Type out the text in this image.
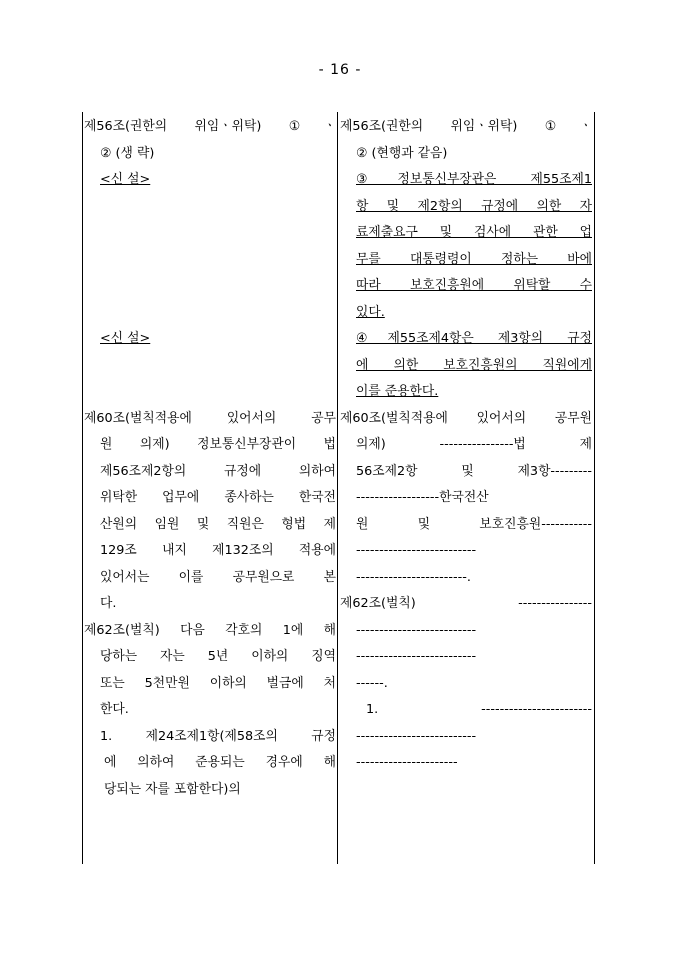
- 16 -
제56조(권한의 위임ㆍ위탁) ①ㆍ
② (생 략)
<신 설>
<신 설>
제60조(벌칙적용에 있어서의 공무
원 의제) 정보통신부장관이 법
제56조제2항의 규정에 의하여
위탁한 업무에 종사하는 한국전
산원의 임원 및 직원은 형법 제
129조 내지 제132조의 적용에
있어서는 이를 공무원으로 본
다.
제62조(벌칙) 다음 각호의 1에 해
당하는 자는 5년 이하의 징역
또는 5천만원 이하의 벌금에 처
한다.
1. 제24조제1항(제58조의 규정
에 의하여 준용되는 경우에 해
당되는 자를 포함한다)의
제56조(권한의 위임ㆍ위탁) ①ㆍ
② (현행과 같음)
③정보통신부장관은 제55조제1
항 및 제2항의 규정에 의한 자
료제출요구 및 검사에 관한 업
무를 대통령령이 정하는 바에
따라 보호진흥원에 위탁할 수
있다.
④제55조제4항은 제3항의 규정
에 의한 보호진흥원의 직원에게
이를 준용한다.
제60조(벌칙적용에 있어서의 공무원
의제) ----------------법 제
56조제2항 및 제3항---------
------------------한국전산
원 및 보호진흥원-----------
--------------------------
------------------------.
제62조(벌칙) ----------------
--------------------------
--------------------------
------.
1. ------------------------
--------------------------
----------------------
